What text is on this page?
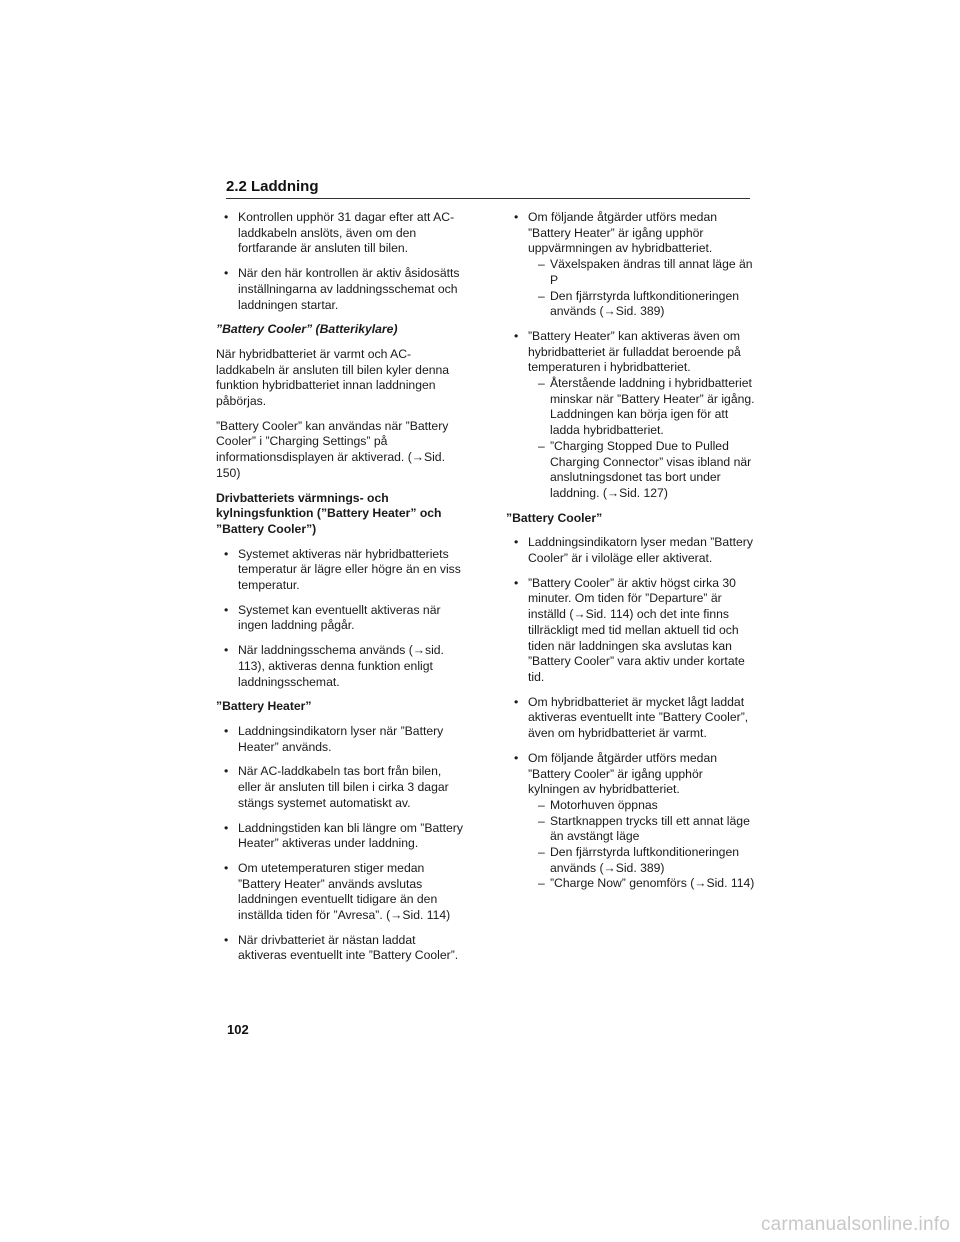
2.2 Laddning
• Kontrollen upphör 31 dagar efter att AC-laddkabeln anslöts, även om den fortfarande är ansluten till bilen.
• När den här kontrollen är aktiv åsidosätts inställningarna av laddningsschemat och laddningen startar.

”Battery Cooler” (Batterikylare)

När hybridbatteriet är varmt och AC-laddkabeln är ansluten till bilen kyler denna funktion hybridbatteriet innan laddningen påbörjas.

”Battery Cooler” kan användas när ”Battery Cooler” i ”Charging Settings” på informationsdisplayen är aktiverad. (→Sid. 150)

Drivbatteriets värmnings- och kylningsfunktion (”Battery Heater” och ”Battery Cooler”)

• Systemet aktiveras när hybridbatteriets temperatur är lägre eller högre än en viss temperatur.
• Systemet kan eventuellt aktiveras när ingen laddning pågår.
• När laddningsschema används (→sid. 113), aktiveras denna funktion enligt laddningsschemat.

”Battery Heater”

• Laddningsindikatorn lyser när ”Battery Heater” används.
• När AC-laddkabeln tas bort från bilen, eller är ansluten till bilen i cirka 3 dagar stängs systemet automatiskt av.
• Laddningstiden kan bli längre om ”Battery Heater” aktiveras under laddning.
• Om utetemperaturen stiger medan ”Battery Heater” används avslutas laddningen eventuellt tidigare än den inställda tiden för ”Avresa”. (→Sid. 114)
• När drivbatteriet är nästan laddat aktiveras eventuellt inte ”Battery Cooler”.
• Om följande åtgärder utförs medan ”Battery Heater” är igång upphör uppvärmningen av hybridbatteriet.
– Växelspaken ändras till annat läge än P
– Den fjärrstyrda luftkonditioneringen används (→Sid. 389)
• ”Battery Heater” kan aktiveras även om hybridbatteriet är fulladdat beroende på temperaturen i hybridbatteriet.
– Återstående laddning i hybridbatteriet minskar när ”Battery Heater” är igång. Laddningen kan börja igen för att ladda hybridbatteriet.
– ”Charging Stopped Due to Pulled Charging Connector” visas ibland när anslutningsdonet tas bort under laddning. (→Sid. 127)

”Battery Cooler”

• Laddningsindikatorn lyser medan ”Battery Cooler” är i viloläge eller aktiverat.
• ”Battery Cooler” är aktiv högst cirka 30 minuter. Om tiden för ”Departure” är inställd (→Sid. 114) och det inte finns tillräckligt med tid mellan aktuell tid och tiden när laddningen ska avslutas kan ”Battery Cooler” vara aktiv under kortate tid.
• Om hybridbatteriet är mycket lågt laddat aktiveras eventuellt inte ”Battery Cooler”, även om hybridbatteriet är varmt.
• Om följande åtgärder utförs medan ”Battery Cooler” är igång upphör kylningen av hybridbatteriet.
– Motorhuven öppnas
– Startknappen trycks till ett annat läge än avstängt läge
– Den fjärrstyrda luftkonditioneringen används (→Sid. 389)
– ”Charge Now” genomförs (→Sid. 114)
102
carmanualsonline.info
